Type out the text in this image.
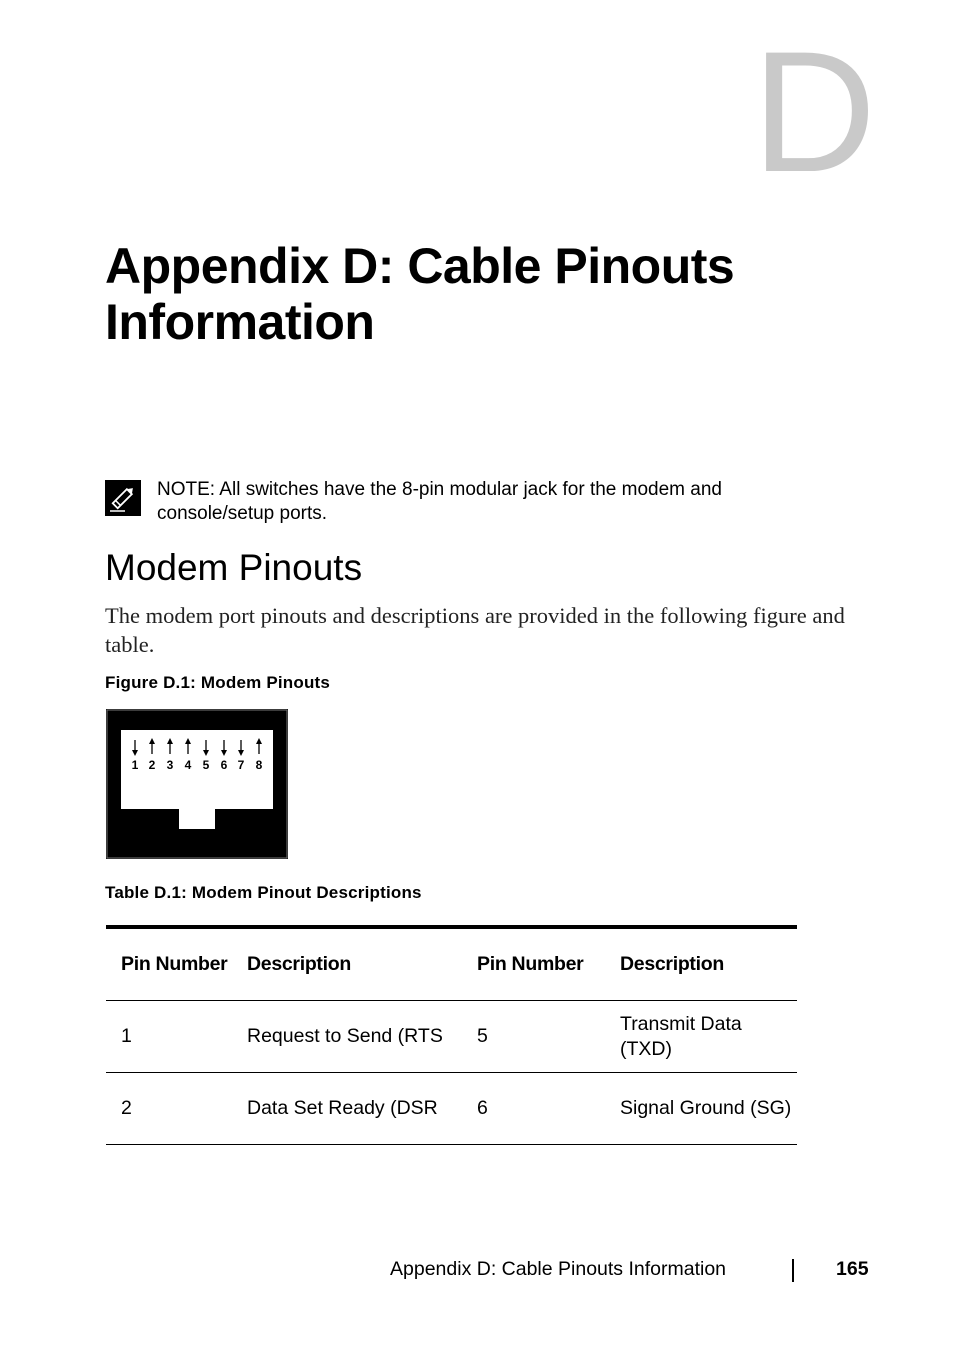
D
Appendix D: Cable Pinouts
Information
NOTE: All switches have the 8-pin modular jack for the modem and console/setup ports.
Modem Pinouts

The modem port pinouts and descriptions are provided in the following figure and table.

Figure D.1: Modem Pinouts

1 2 3 4 5 6 7 8

Table D.1: Modem Pinout Descriptions

Pin Number	Description	Pin Number	Description
1	Request to Send (RTS	5	Transmit Data (TXD)
2	Data Set Ready (DSR	6	Signal Ground (SG)
Appendix D: Cable Pinouts Information	165
